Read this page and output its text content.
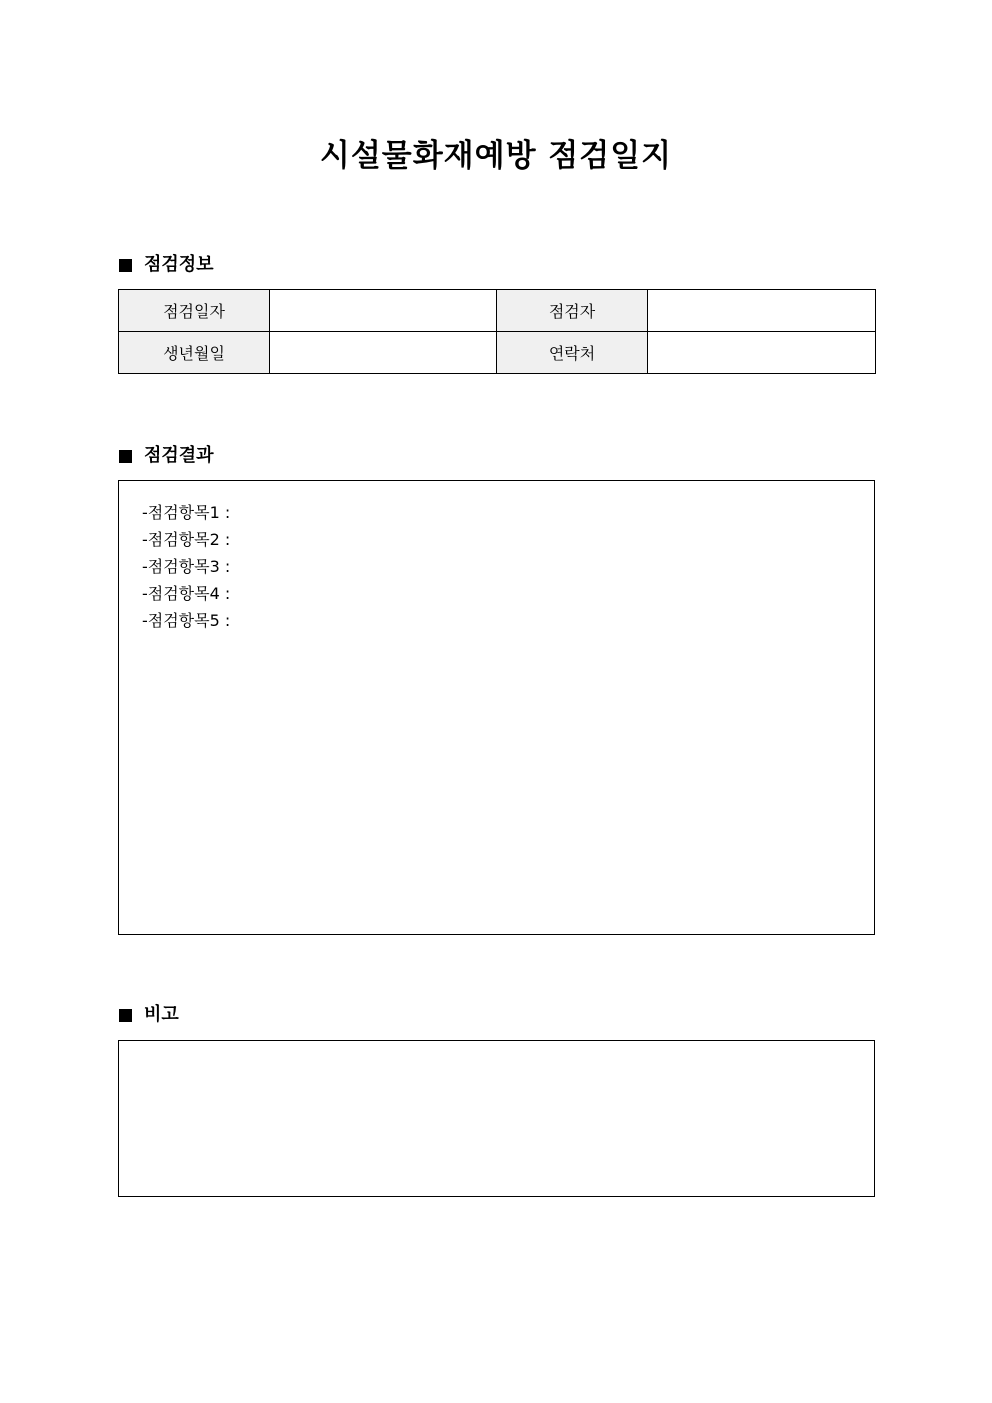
시설물화재예방 점검일지
점검정보
점검일자		점검자	
생년월일		연락처	
점검결과
-점검항목1 :
-점검항목2 :
-점검항목3 :
-점검항목4 :
-점검항목5 :
비고
